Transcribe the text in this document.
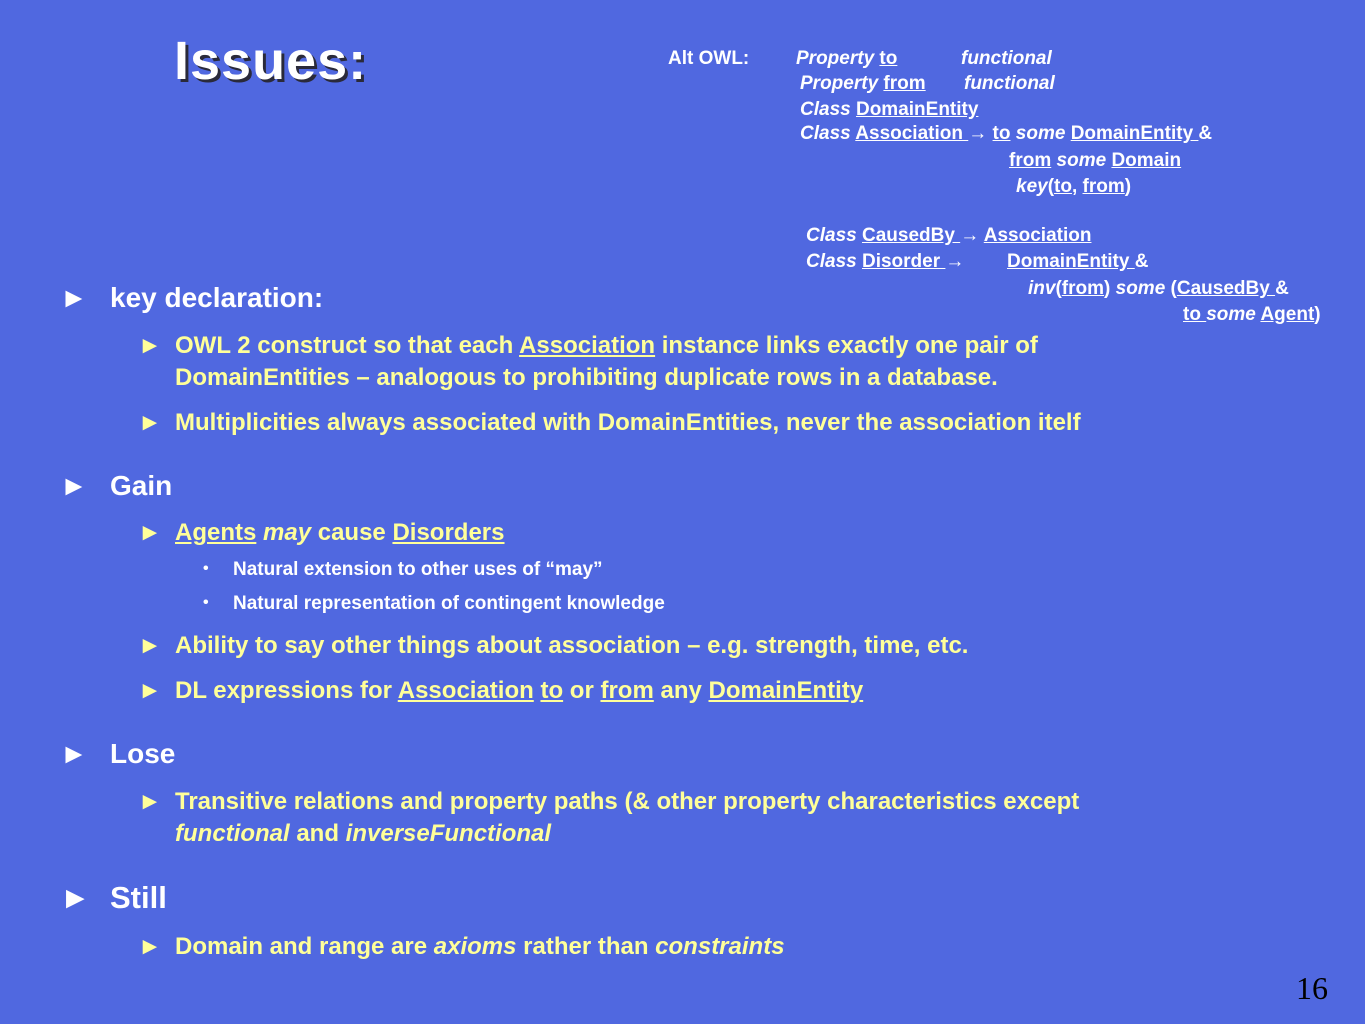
Issues:	Alt OWL: Property to	functional
Property from functional
Class DomainEntity
Class Association → to some DomainEntity &
from some Domain
key(to, from)
Class CausedBy → Association
Class Disorder → DomainEntity &
inv(from) some (CausedBy &
to some Agent)
► key declaration:
► OWL 2 construct so that each Association instance links exactly one pair of
DomainEntities – analogous to prohibiting duplicate rows in a database.
► Multiplicities always associated with DomainEntities, never the association itelf
► Gain
► Agents may cause Disorders
• Natural extension to other uses of “may”
• Natural representation of contingent knowledge
► Ability to say other things about association – e.g. strength, time, etc.
► DL expressions for Association to or from any DomainEntity
► Lose
► Transitive relations and property paths (& other property characteristics except
functional and inverseFunctional
► Still
► Domain and range are axioms rather than constraints
16
